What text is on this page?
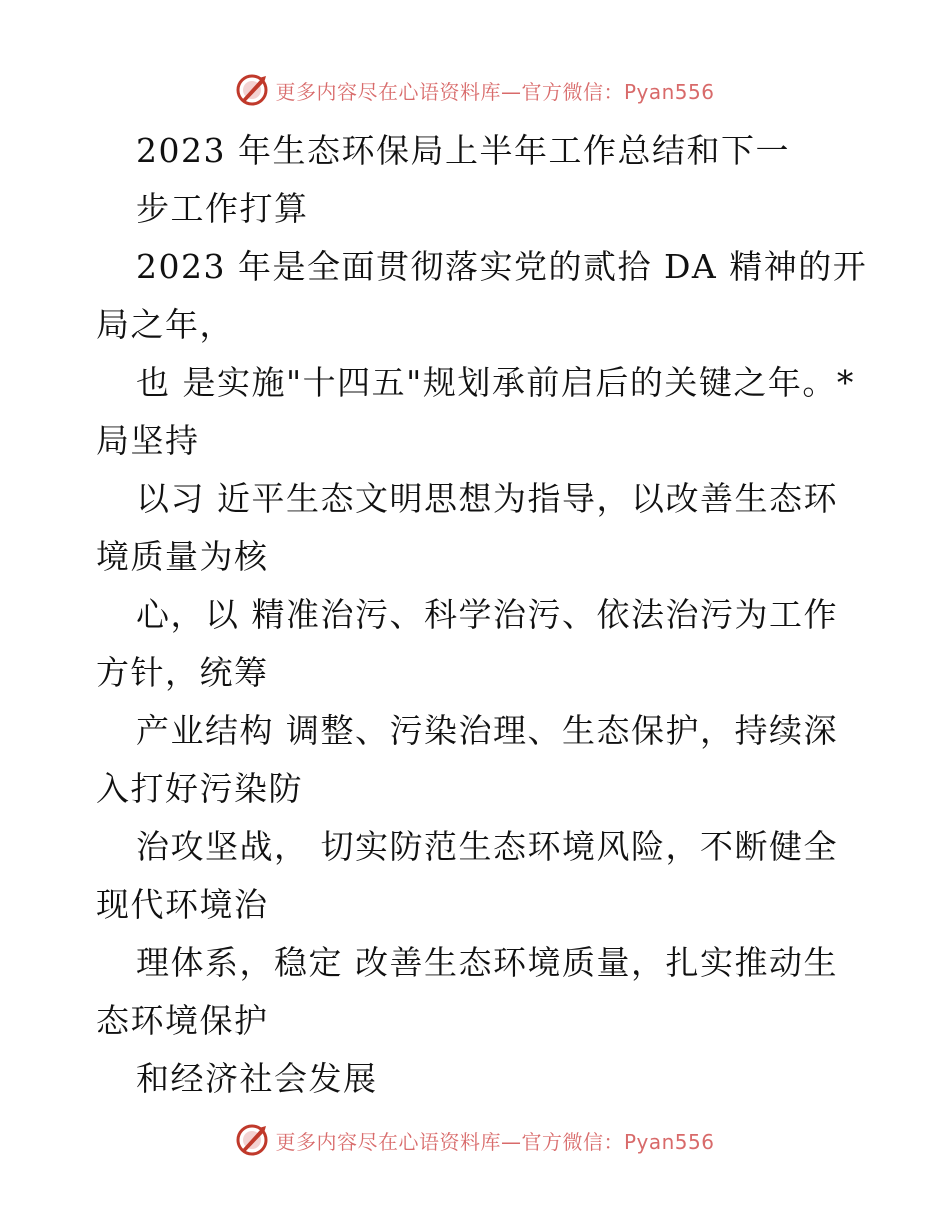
更多内容尽在心语资料库—官方微信：Pyan556
2023 年生态环保局上半年工作总结和下一
步工作打算
2023 年是全面贯彻落实党的贰拾 DA 精神的开
局之年，
也 是实施"十四五"规划承前启后的关键之年。*
局坚持
以习 近平生态文明思想为指导，以改善生态环
境质量为核
心，以 精准治污、科学治污、依法治污为工作
方针，统筹
产业结构 调整、污染治理、生态保护，持续深
入打好污染防
治攻坚战， 切实防范生态环境风险，不断健全
现代环境治
理体系，稳定 改善生态环境质量，扎实推动生
态环境保护
和经济社会发展
更多内容尽在心语资料库—官方微信：Pyan556
